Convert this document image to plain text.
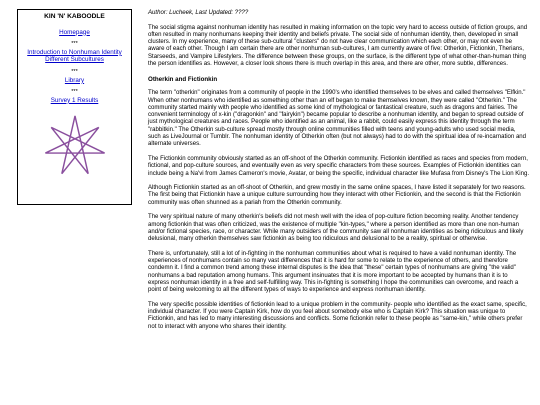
KIN 'N' KABOODLE
Homepage
***
Introduction to Nonhuman Identity Different Subcultures
***
Library
***
Survey 1 Results

Author: Lucheek, Last Updated: ????

The social stigma against nonhuman identity has resulted in making information on the topic very hard to access outside of fiction groups, and often resulted in many nonhumans keeping their identity and beliefs private. The social side of nonhuman identity, then, developed in small clusters. In my experience, many of these sub-cultural "clusters" do not have clear communication which each other, or may not even be aware of each other. Though I am certain there are other nonhuman sub-cultures, I am currently aware of five: Otherkin, Fictionkin, Therians, Starseeds, and Vampire Lifestylers. The difference between these groups, on the surface, is the different type of what other-than-human thing the person identifies as. However, a closer look shows there is much overlap in this area, and there are other, more subtle, differences.

Otherkin and Fictionkin

The term "otherkin" originates from a community of people in the 1990's who identified themselves to be elves and called themselves "Elfkin." When other nonhumans who identified as something other than an elf began to make themselves known, they were called "Otherkin." The community started mainly with people who identified as some kind of mythological or fantastical creature, such as dragons and fairies. The convenient terminology of x-kin ("dragonkin" and "fairykin") became popular to describe a nonhuman identity, and began to spread outside of just mythological creatures and races. People who identified as an animal, like a rabbit, could easily express this identity through the term "rabbitkin." The Otherkin sub-culture spread mostly through online communities filled with teens and young-adults who used social media, such as LiveJournal or Tumblr. The nonhuman identity of Otherkin often (but not always) had to do with the spiritual idea of re-incarnation and alternate universes.

The Fictionkin community obviously started as an off-shoot of the Otherkin community. Fictionkin identified as races and species from modern, fictional, and pop-culture sources, and eventually even as very specific characters from these sources. Examples of Fictionkin identities can include being a Na'vi from James Cameron's movie, Avatar, or being the specific, individual character like Mufasa from Disney's The Lion King.

Although Fictionkin started as an off-shoot of Otherkin, and grew mostly in the same online spaces, I have listed it separately for two reasons. The first being that Fictionkin have a unique culture surrounding how they interact with other Fictionkin, and the second is that the Fictionkin community was often shunned as a pariah from the Otherkin community.

The very spiritual nature of many otherkin's beliefs did not mesh well with the idea of pop-culture fiction becoming reality. Another tendency among fictionkin that was often criticized, was the existence of multiple "kin-types," where a person identified as more than one non-human and/or fictional species, race, or character. While many outsiders of the community saw all nonhuman identities as being ridiculous and likely delusional, many otherkin themselves saw fictionkin as being too ridiculous and delusional to be a reality, spiritual or otherwise.

There is, unfortunately, still a lot of in-fighting in the nonhuman communities about what is required to have a valid nonhuman identity. The experiences of nonhumans contain so many vast differences that it is hard for some to relate to the experience of others, and therefore condemn it. I find a common trend among these internal disputes is the idea that "these" certain types of nonhumans are giving "the valid" nonhumans a bad reputation among humans. This argument insinuates that it is more important to be accepted by humans than it is to express nonhuman identity in a free and self-fulfilling way. This in-fighting is something I hope the communities can overcome, and reach a point of being welcoming to all the different types of ways to experience and express nonhuman identity.

The very specific possible identities of fictionkin lead to a unique problem in the community- people who identified as the exact same, specific, individual character. If you were Captain Kirk, how do you feel about somebody else who is Captain Kirk? This situation was unique to Fictionkin, and has led to many interesting discussions and conflicts. Some fictionkin refer to these people as "same-kin," while others prefer not to interact with anyone who shares their identity.
